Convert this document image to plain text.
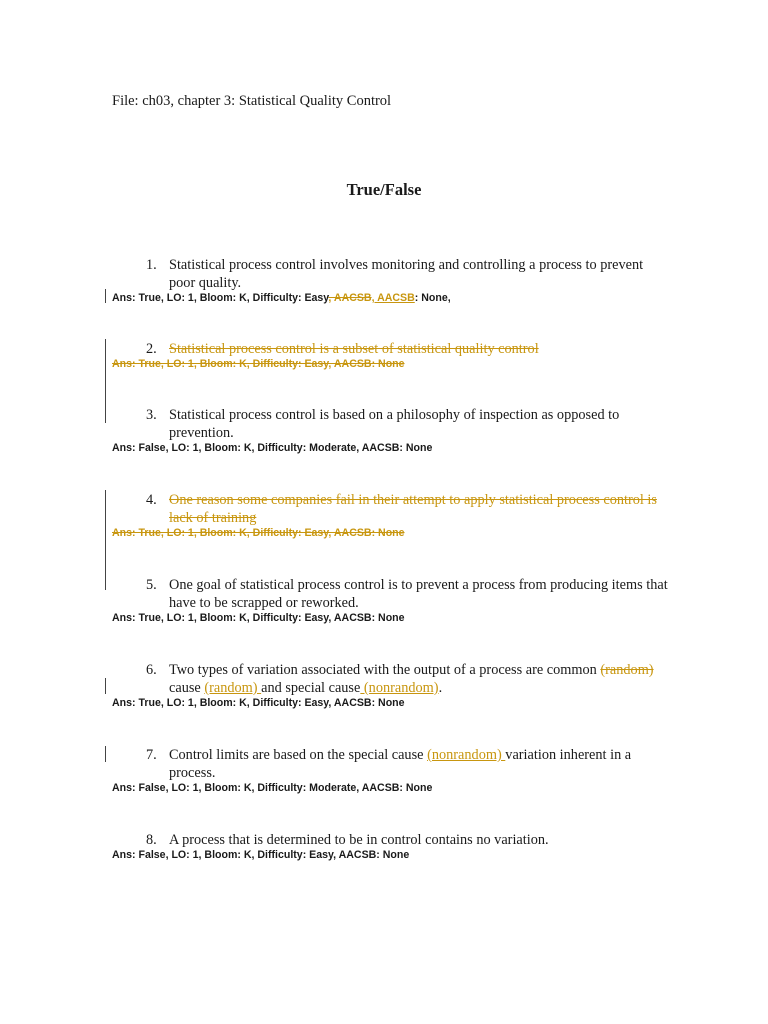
File: ch03, chapter 3: Statistical Quality Control
True/False
1. Statistical process control involves monitoring and controlling a process to prevent poor quality.
Ans: True, LO: 1, Bloom: K, Difficulty: Easy, AACSB, AACSB: None,
2. Statistical process control is a subset of statistical quality control
Ans: True, LO: 1, Bloom: K, Difficulty: Easy, AACSB: None
3. Statistical process control is based on a philosophy of inspection as opposed to prevention.
Ans: False, LO: 1, Bloom: K, Difficulty: Moderate, AACSB: None
4. One reason some companies fail in their attempt to apply statistical process control is lack of training
Ans: True, LO: 1, Bloom: K, Difficulty: Easy, AACSB: None
5. One goal of statistical process control is to prevent a process from producing items that have to be scrapped or reworked.
Ans: True, LO: 1, Bloom: K, Difficulty: Easy, AACSB: None
6. Two types of variation associated with the output of a process are common (random) cause (random) and special cause (nonrandom).
Ans: True, LO: 1, Bloom: K, Difficulty: Easy, AACSB: None
7. Control limits are based on the special cause (nonrandom) variation inherent in a process.
Ans: False, LO: 1, Bloom: K, Difficulty: Moderate, AACSB: None
8. A process that is determined to be in control contains no variation.
Ans: False, LO: 1, Bloom: K, Difficulty: Easy, AACSB: None
